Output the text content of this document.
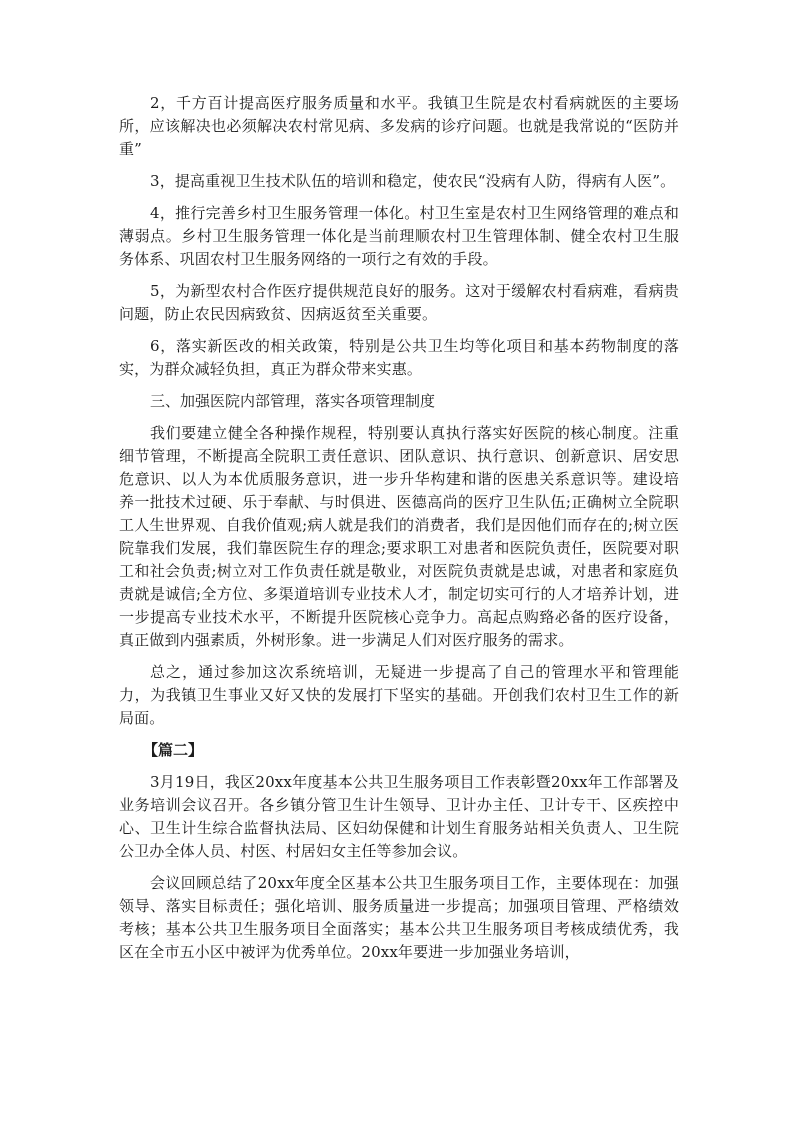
2，千方百计提高医疗服务质量和水平。我镇卫生院是农村看病就医的主要场所，应该解决也必须解决农村常见病、多发病的诊疗问题。也就是我常说的“医防并重”

3，提高重视卫生技术队伍的培训和稳定，使农民“没病有人防，得病有人医”。

4，推行完善乡村卫生服务管理一体化。村卫生室是农村卫生网络管理的难点和薄弱点。乡村卫生服务管理一体化是当前理顺农村卫生管理体制、健全农村卫生服务体系、巩固农村卫生服务网络的一项行之有效的手段。

5，为新型农村合作医疗提供规范良好的服务。这对于缓解农村看病难，看病贵问题，防止农民因病致贫、因病返贫至关重要。

6，落实新医改的相关政策，特别是公共卫生均等化项目和基本药物制度的落实，为群众减轻负担，真正为群众带来实惠。

三、加强医院内部管理，落实各项管理制度

我们要建立健全各种操作规程，特别要认真执行落实好医院的核心制度。注重细节管理，不断提高全院职工责任意识、团队意识、执行意识、创新意识、居安思危意识、以人为本优质服务意识，进一步升华构建和谐的医患关系意识等。建设培养一批技术过硬、乐于奉献、与时俱进、医德高尚的医疗卫生队伍;正确树立全院职工人生世界观、自我价值观;病人就是我们的消费者，我们是因他们而存在的;树立医院靠我们发展，我们靠医院生存的理念;要求职工对患者和医院负责任，医院要对职工和社会负责;树立对工作负责任就是敬业，对医院负责就是忠诚，对患者和家庭负责就是诚信;全方位、多渠道培训专业技术人才，制定切实可行的人才培养计划，进一步提高专业技术水平，不断提升医院核心竞争力。高起点购臵必备的医疗设备，真正做到内强素质，外树形象。进一步满足人们对医疗服务的需求。

总之，通过参加这次系统培训，无疑进一步提高了自己的管理水平和管理能力，为我镇卫生事业又好又快的发展打下坚实的基础。开创我们农村卫生工作的新局面。

【篇二】

3月19日，我区20xx年度基本公共卫生服务项目工作表彰暨20xx年工作部署及业务培训会议召开。各乡镇分管卫生计生领导、卫计办主任、卫计专干、区疾控中心、卫生计生综合监督执法局、区妇幼保健和计划生育服务站相关负责人、卫生院公卫办全体人员、村医、村居妇女主任等参加会议。

会议回顾总结了20xx年度全区基本公共卫生服务项目工作，主要体现在：加强领导、落实目标责任；强化培训、服务质量进一步提高；加强项目管理、严格绩效考核；基本公共卫生服务项目全面落实；基本公共卫生服务项目考核成绩优秀，我区在全市五小区中被评为优秀单位。20xx年要进一步加强业务培训，
